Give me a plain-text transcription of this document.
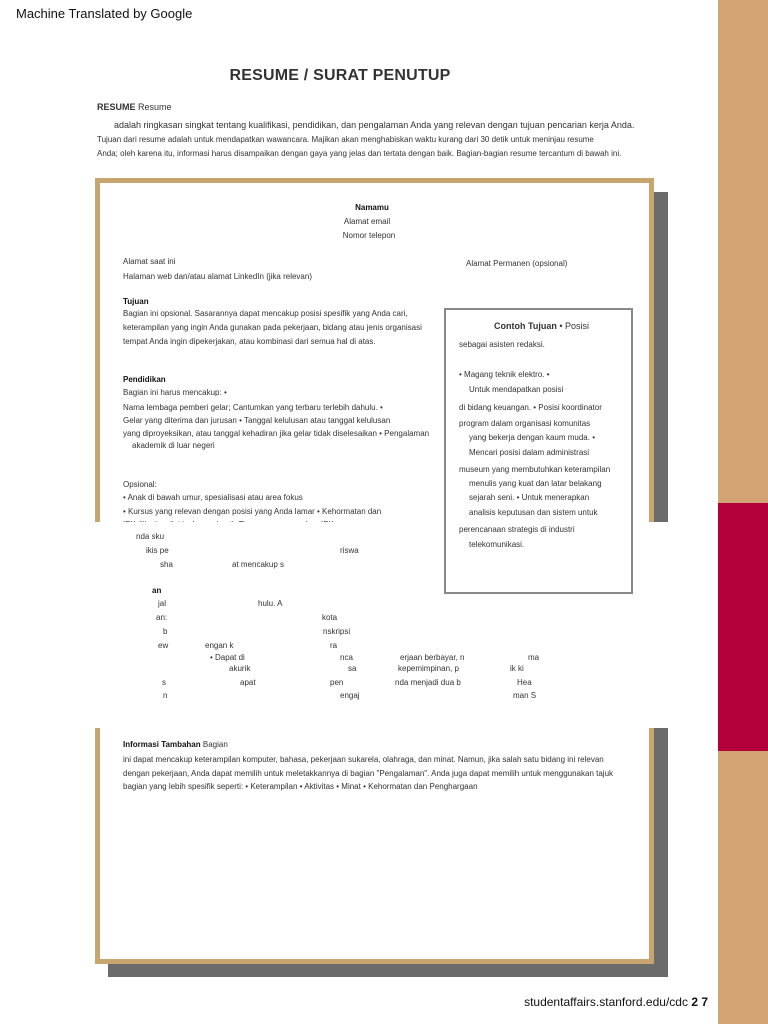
Machine Translated by Google
RESUME / SURAT PENUTUP
RESUME Resume
adalah ringkasan singkat tentang kualifikasi, pendidikan, dan pengalaman Anda yang relevan dengan tujuan pencarian kerja Anda.
Tujuan dari resume adalah untuk mendapatkan wawancara. Majikan akan menghabiskan waktu kurang dari 30 detik untuk meninjau resume
Anda; oleh karena itu, informasi harus disampaikan dengan gaya yang jelas dan tertata dengan baik. Bagian-bagian resume tercantum di bawah ini.
Namamu
Alamat email
Nomor telepon
Alamat saat ini
Halaman web dan/atau alamat LinkedIn (jika relevan)
Alamat Permanen (opsional)
Tujuan
Bagian ini opsional. Sasarannya dapat mencakup posisi spesifik yang Anda cari,
keterampilan yang ingin Anda gunakan pada pekerjaan, bidang atau jenis organisasi
tempat Anda ingin dipekerjakan, atau kombinasi dari semua hal di atas.
Pendidikan
Bagian ini harus mencakup: •
Nama lembaga pemberi gelar; Cantumkan yang terbaru terlebih dahulu. •
Gelar yang diterima dan jurusan • Tanggal kelulusan atau tanggal kelulusan
yang diproyeksikan, atau tanggal kehadiran jika gelar tidak diselesaikan • Pengalaman
akademik di luar negeri
Opsional:
• Anak di bawah umur, spesialisasi atau area fokus
• Kursus yang relevan dengan posisi yang Anda lamar • Kehormatan dan
nda sku
ikis pe	riswa
sha	at mencakup s
an
jal	hulu. A
an:	kota
b	nskripsi
ew	engan k	ra
• Dapat di	nca	erjaan berbayar, n	ma
akurik	sa	kepemimpinan, p	ik ki
s	apat	pen	nda menjadi dua b	Hea
n	engaj	man S
Contoh Tujuan • Posisi
sebagai asisten redaksi.
• Magang teknik elektro. •
Untuk mendapatkan posisi
di bidang keuangan. • Posisi koordinator
program dalam organisasi komunitas
yang bekerja dengan kaum muda. •
Mencari posisi dalam administrasi
museum yang membutuhkan keterampilan
menulis yang kuat dan latar belakang
sejarah seni. • Untuk menerapkan
analisis keputusan dan sistem untuk
perencanaan strategis di industri
telekomunikasi.
Informasi Tambahan Bagian
ini dapat mencakup keterampilan komputer, bahasa, pekerjaan sukarela, olahraga, dan minat. Namun, jika salah satu bidang ini relevan
dengan pekerjaan, Anda dapat memilih untuk meletakkannya di bagian "Pengalaman". Anda juga dapat memilih untuk menggunakan tajuk
bagian yang lebih spesifik seperti: • Keterampilan • Aktivitas • Minat • Kehormatan dan Penghargaan
studentaffairs.stanford.edu/cdc 2 7
